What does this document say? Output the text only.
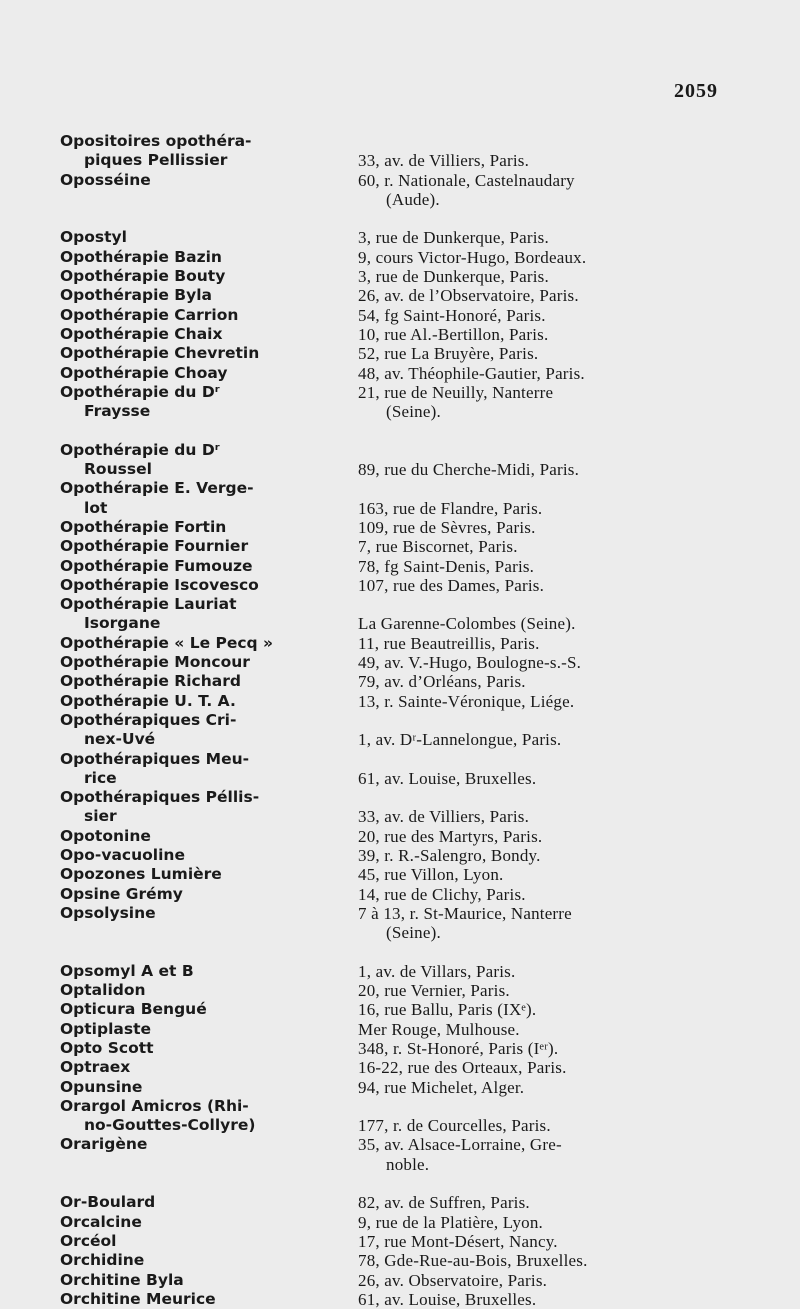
2059
Opositoires opothéra-
piques Pellissier	33, av. de Villiers, Paris.
* Oposséine	60, r. Nationale, Castelnaudary
(Aude).
* Opostyl	3, rue de Dunkerque, Paris.
* Opothérapie Bazin	9, cours Victor-Hugo, Bordeaux.
* Opothérapie Bouty	3, rue de Dunkerque, Paris.
* Opothérapie Byla	26, av. de l’Observatoire, Paris.
* Opothérapie Carrion	54, fg Saint-Honoré, Paris.
Opothérapie Chaix	10, rue Al.-Bertillon, Paris.
Opothérapie Chevretin	52, rue La Bruyère, Paris.
* Opothérapie Choay	48, av. Théophile-Gautier, Paris.
* Opothérapie du Dʳ	21, rue de Neuilly, Nanterre
Fraysse	(Seine).
Opothérapie du Dʳ
Roussel	89, rue du Cherche-Midi, Paris.
* Opothérapie E. Verge-
lot	163, rue de Flandre, Paris.
Opothérapie Fortin	109, rue de Sèvres, Paris.
* Opothérapie Fournier	7, rue Biscornet, Paris.
Opothérapie Fumouze	78, fg Saint-Denis, Paris.
* Opothérapie Iscovesco	107, rue des Dames, Paris.
* Opothérapie Lauriat
Isorgane	La Garenne-Colombes (Seine).
Opothérapie « Le Pecq »	11, rue Beautreillis, Paris.
* Opothérapie Moncour	49, av. V.-Hugo, Boulogne-s.-S.
Opothérapie Richard	79, av. d’Orléans, Paris.
Opothérapie U. T. A.	13, r. Sainte-Véronique, Liége.
* Opothérapiques Cri-
nex-Uvé	1, av. Dʳ-Lannelongue, Paris.
Opothérapiques Meu-
rice	61, av. Louise, Bruxelles.
Opothérapiques Péllis-
sier	33, av. de Villiers, Paris.
Opotonine	20, rue des Martyrs, Paris.
* Opo-vacuoline	39, r. R.-Salengro, Bondy.
* Opozones Lumière	45, rue Villon, Lyon.
Opsine Grémy	14, rue de Clichy, Paris.
Opsolysine	7 à 13, r. St-Maurice, Nanterre
(Seine).
Opsomyl A et B	1, av. de Villars, Paris.
* Optalidon	20, rue Vernier, Paris.
* Opticura Bengué	16, rue Ballu, Paris (IXᵉ).
* Optiplaste	Mer Rouge, Mulhouse.
* Opto Scott	348, r. St-Honoré, Paris (Iᵉʳ).
* Optraex	16-22, rue des Orteaux, Paris.
Opunsine	94, rue Michelet, Alger.
* Orargol Amicros (Rhi-
no-Gouttes-Collyre)	177, r. de Courcelles, Paris.
Orarigène	35, av. Alsace-Lorraine, Gre-
noble.
Or-Boulard	82, av. de Suffren, Paris.
* Orcalcine	9, rue de la Platière, Lyon.
Orcéol	17, rue Mont-Désert, Nancy.
Orchidine	78, Gde-Rue-au-Bois, Bruxelles.
Orchitine Byla	26, av. Observatoire, Paris.
Orchitine Meurice	61, av. Louise, Bruxelles.
